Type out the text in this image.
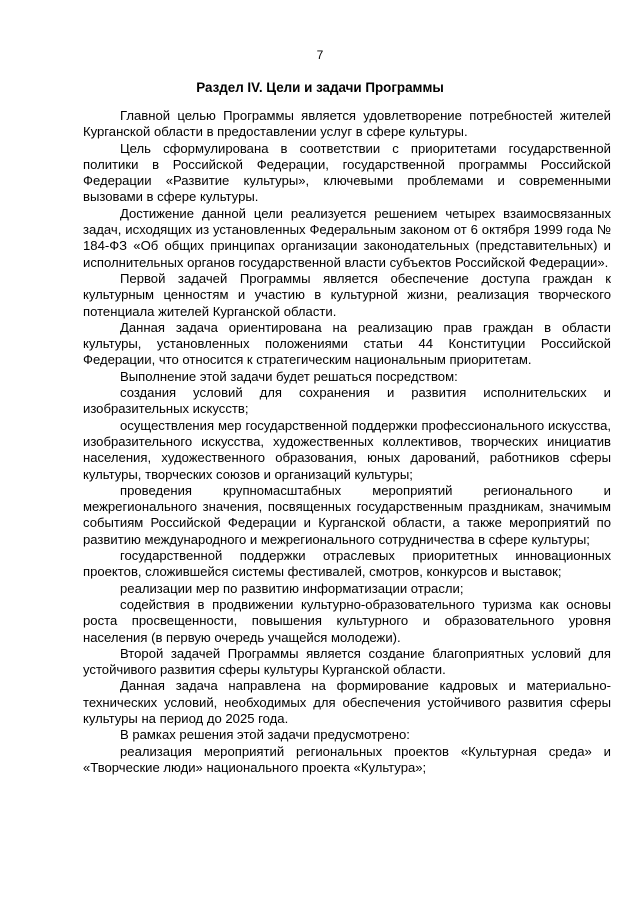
7
Раздел IV. Цели и задачи Программы

Главной целью Программы является удовлетворение потребностей жителей Курганской области в предоставлении услуг в сфере культуры.

Цель сформулирована в соответствии с приоритетами государственной политики в Российской Федерации, государственной программы Российской Федерации «Развитие культуры», ключевыми проблемами и современными вызовами в сфере культуры.

Достижение данной цели реализуется решением четырех взаимосвязанных задач, исходящих из установленных Федеральным законом от 6 октября 1999 года № 184-ФЗ «Об общих принципах организации законодательных (представительных) и исполнительных органов государственной власти субъектов Российской Федерации».

Первой задачей Программы является обеспечение доступа граждан к культурным ценностям и участию в культурной жизни, реализация творческого потенциала жителей Курганской области.

Данная задача ориентирована на реализацию прав граждан в области культуры, установленных положениями статьи 44 Конституции Российской Федерации, что относится к стратегическим национальным приоритетам.

Выполнение этой задачи будет решаться посредством:

создания условий для сохранения и развития исполнительских и изобразительных искусств;

осуществления мер государственной поддержки профессионального искусства, изобразительного искусства, художественных коллективов, творческих инициатив населения, художественного образования, юных дарований, работников сферы культуры, творческих союзов и организаций культуры;

проведения крупномасштабных мероприятий регионального и межрегионального значения, посвященных государственным праздникам, значимым событиям Российской Федерации и Курганской области, а также мероприятий по развитию международного и межрегионального сотрудничества в сфере культуры;

государственной поддержки отраслевых приоритетных инновационных проектов, сложившейся системы фестивалей, смотров, конкурсов и выставок;

реализации мер по развитию информатизации отрасли;

содействия в продвижении культурно-образовательного туризма как основы роста просвещенности, повышения культурного и образовательного уровня населения (в первую очередь учащейся молодежи).

Второй задачей Программы является создание благоприятных условий для устойчивого развития сферы культуры Курганской области.

Данная задача направлена на формирование кадровых и материально-технических условий, необходимых для обеспечения устойчивого развития сферы культуры на период до 2025 года.

В рамках решения этой задачи предусмотрено:

реализация мероприятий региональных проектов «Культурная среда» и «Творческие люди» национального проекта «Культура»;
